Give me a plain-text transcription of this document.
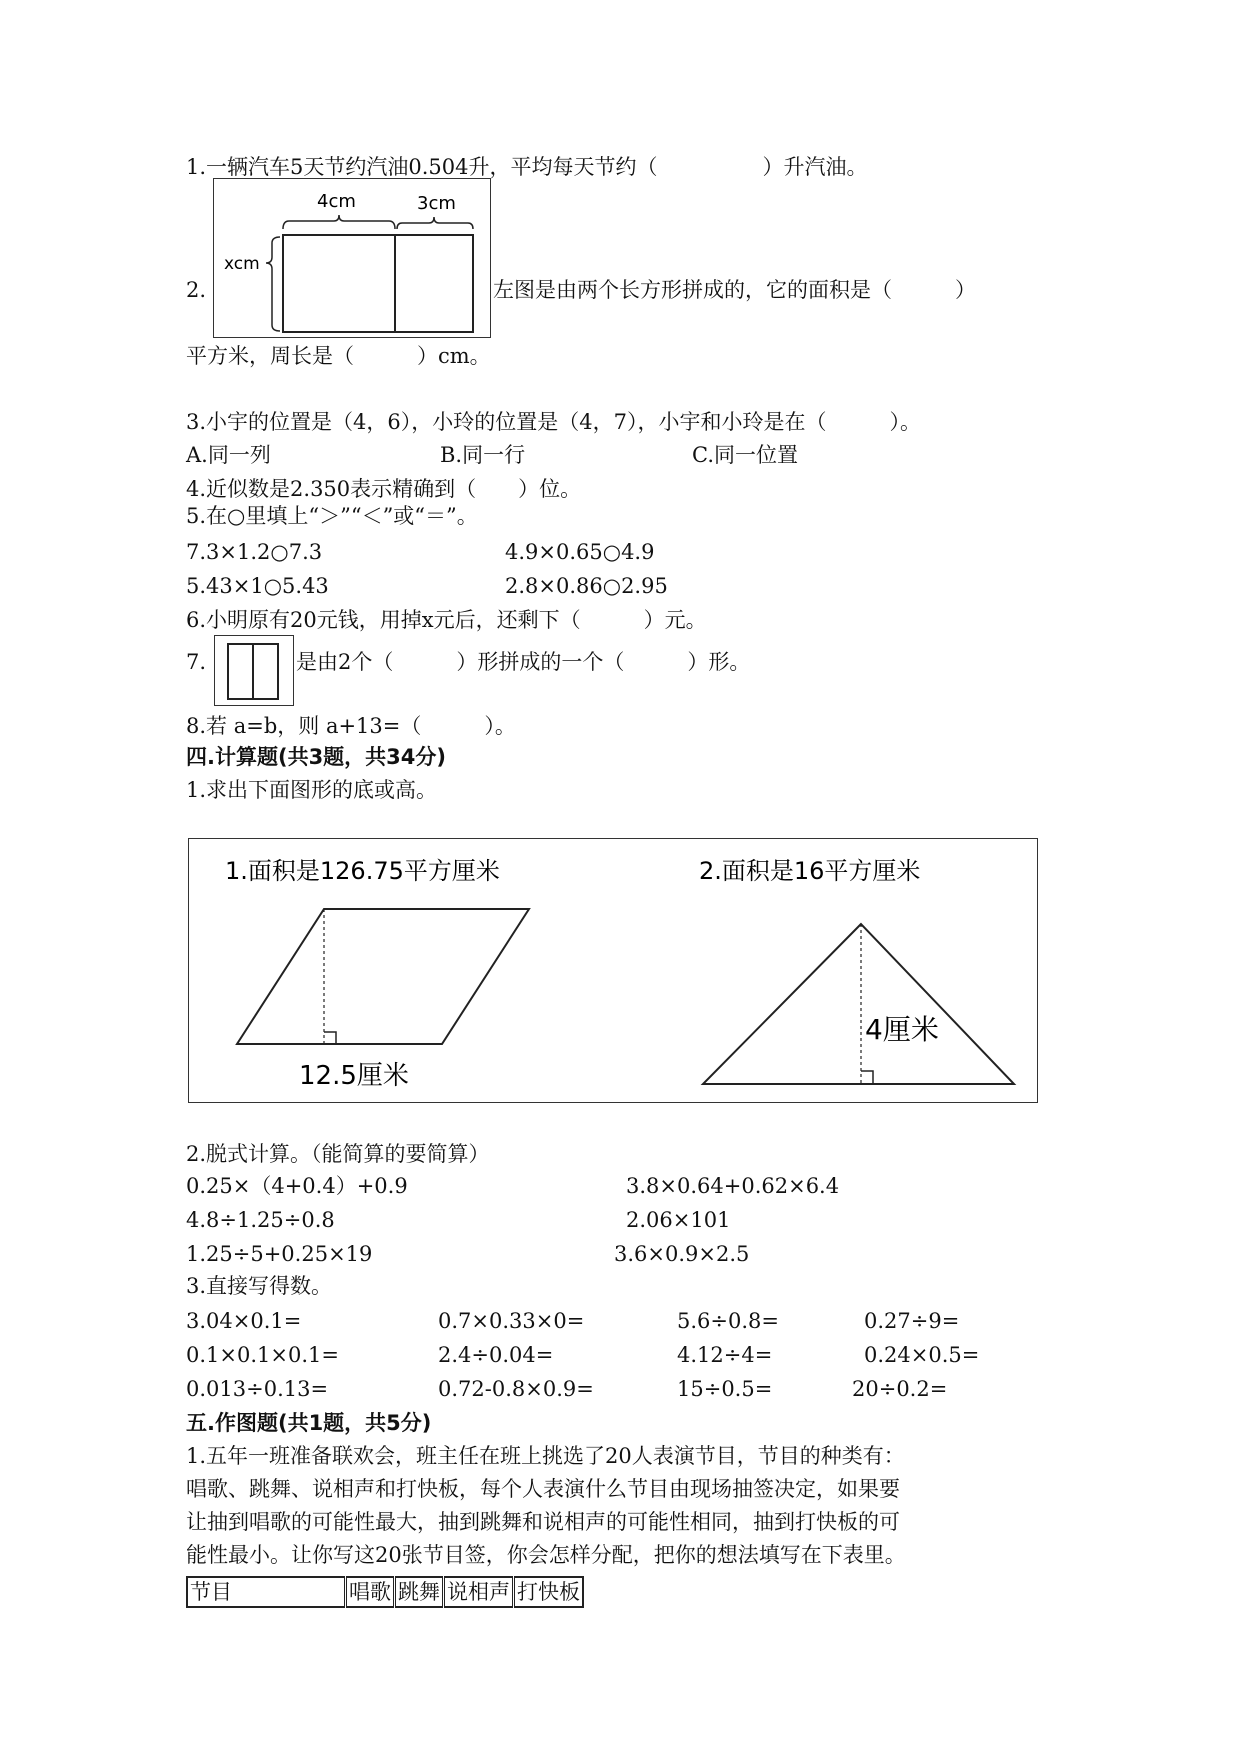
1.一辆汽车5天节约汽油0.504升，平均每天节约（　　　　　）升汽油。
2.
4cm	3cm
xcm
左图是由两个长方形拼成的，它的面积是（　　　）
平方米，周长是（　　　）cm。
3.小宇的位置是（4，6），小玲的位置是（4，7），小宇和小玲是在（　　　）。
A.同一列	B.同一行	C.同一位置
4.近似数是2.350表示精确到（　　）位。
5.在○里填上“＞”“＜”或“＝”。
7.3×1.2○7.3	4.9×0.65○4.9
5.43×1○5.43	2.8×0.86○2.95
6.小明原有20元钱，用掉x元后，还剩下（　　　）元。
7.	是由2个（　　　）形拼成的一个（　　　）形。
8.若 a=b，则 a+13=（　　　）。
四.计算题(共3题，共34分)
1.求出下面图形的底或高。
1.面积是126.75平方厘米
12.5厘米
2.面积是16平方厘米
4厘米
2.脱式计算。（能简算的要简算）
0.25×（4+0.4）+0.9	3.8×0.64+0.62×6.4
4.8÷1.25÷0.8	2.06×101
1.25÷5+0.25×19	3.6×0.9×2.5
3.直接写得数。
3.04×0.1=	0.7×0.33×0=	5.6÷0.8=	0.27÷9=
0.1×0.1×0.1=	2.4÷0.04=	4.12÷4=	0.24×0.5=
0.013÷0.13=	0.72-0.8×0.9=	15÷0.5=	20÷0.2=
五.作图题(共1题，共5分)
1.五年一班准备联欢会，班主任在班上挑选了20人表演节目，节目的种类有：
唱歌、跳舞、说相声和打快板，每个人表演什么节目由现场抽签决定，如果要
让抽到唱歌的可能性最大，抽到跳舞和说相声的可能性相同，抽到打快板的可
能性最小。让你写这20张节目签，你会怎样分配，把你的想法填写在下表里。
节目	唱歌	跳舞	说相声	打快板
